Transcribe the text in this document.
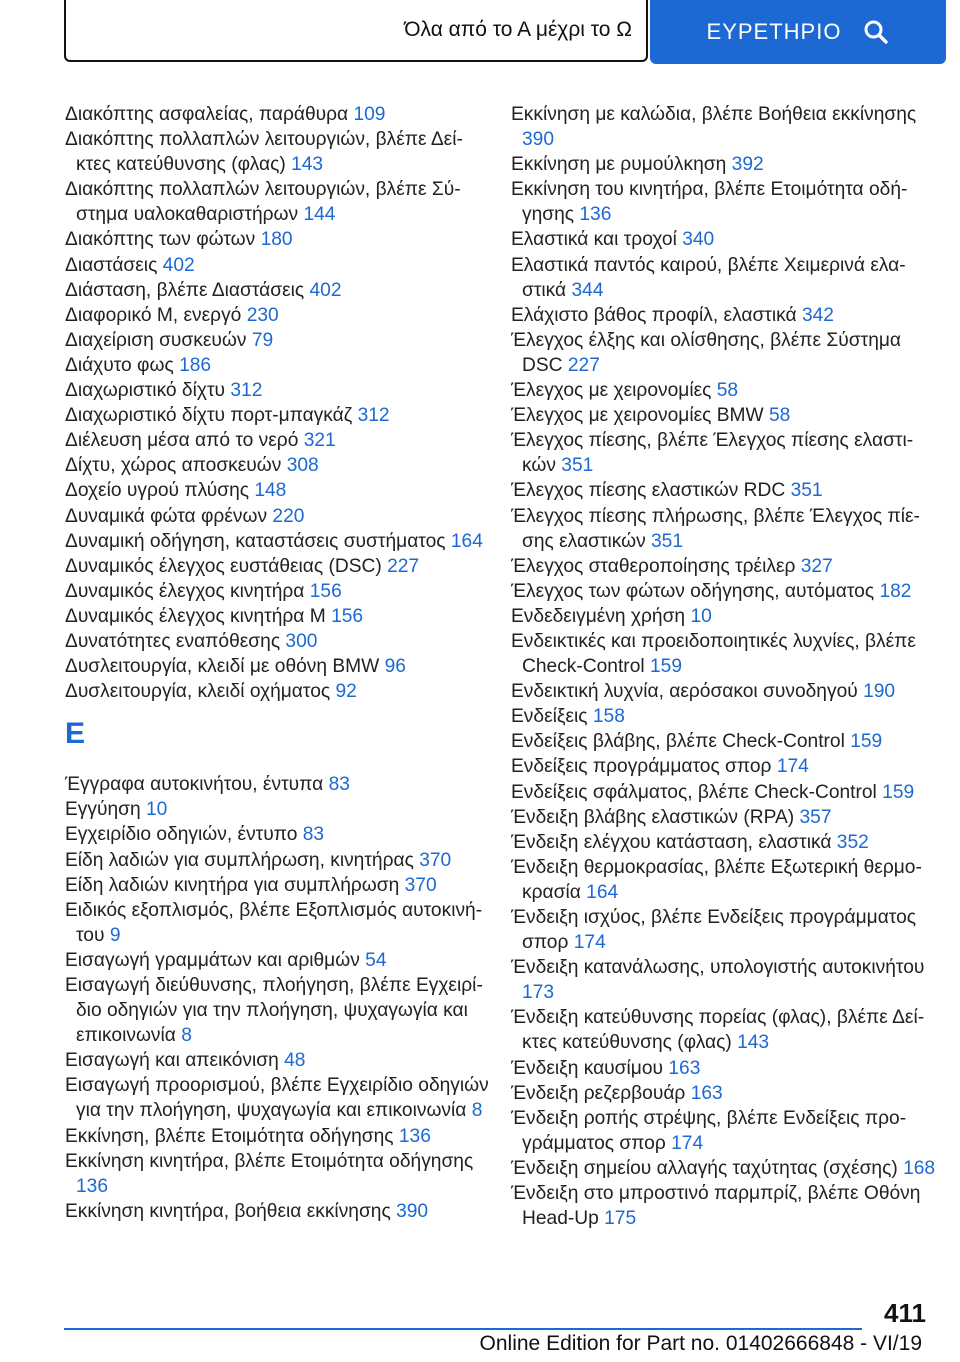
Όλα από το Α μέχρι το Ω	ΕΥΡΕΤΗΡΙΟ
Διακόπτης ασφαλείας, παράθυρα 109
Διακόπτης πολλαπλών λειτουργιών, βλέπε Δείκτες κατεύθυνσης (φλας) 143
Διακόπτης πολλαπλών λειτουργιών, βλέπε Σύστημα υαλοκαθαριστήρων 144
Διακόπτης των φώτων 180
Διαστάσεις 402
Διάσταση, βλέπε Διαστάσεις 402
Διαφορικό M, ενεργό 230
Διαχείριση συσκευών 79
Διάχυτο φως 186
Διαχωριστικό δίχτυ 312
Διαχωριστικό δίχτυ πορτ-μπαγκάζ 312
Διέλευση μέσα από το νερό 321
Δίχτυ, χώρος αποσκευών 308
Δοχείο υγρού πλύσης 148
Δυναμικά φώτα φρένων 220
Δυναμική οδήγηση, καταστάσεις συστήματος 164
Δυναμικός έλεγχος ευστάθειας (DSC) 227
Δυναμικός έλεγχος κινητήρα 156
Δυναμικός έλεγχος κινητήρα M 156
Δυνατότητες εναπόθεσης 300
Δυσλειτουργία, κλειδί με οθόνη BMW 96
Δυσλειτουργία, κλειδί οχήματος 92
Ε
Έγγραφα αυτοκινήτου, έντυπα 83
Εγγύηση 10
Εγχειρίδιο οδηγιών, έντυπο 83
Είδη λαδιών για συμπλήρωση, κινητήρας 370
Είδη λαδιών κινητήρα για συμπλήρωση 370
Ειδικός εξοπλισμός, βλέπε Εξοπλισμός αυτοκινήτου 9
Εισαγωγή γραμμάτων και αριθμών 54
Εισαγωγή διεύθυνσης, πλοήγηση, βλέπε Εγχειρίδιο οδηγιών για την πλοήγηση, ψυχαγωγία και επικοινωνία 8
Εισαγωγή και απεικόνιση 48
Εισαγωγή προορισμού, βλέπε Εγχειρίδιο οδηγιών για την πλοήγηση, ψυχαγωγία και επικοινωνία 8
Εκκίνηση, βλέπε Ετοιμότητα οδήγησης 136
Εκκίνηση κινητήρα, βλέπε Ετοιμότητα οδήγησης 136
Εκκίνηση κινητήρα, βοήθεια εκκίνησης 390
Εκκίνηση με καλώδια, βλέπε Βοήθεια εκκίνησης 390
Εκκίνηση με ρυμούλκηση 392
Εκκίνηση του κινητήρα, βλέπε Ετοιμότητα οδήγησης 136
Ελαστικά και τροχοί 340
Ελαστικά παντός καιρού, βλέπε Χειμερινά ελαστικά 344
Ελάχιστο βάθος προφίλ, ελαστικά 342
Έλεγχος έλξης και ολίσθησης, βλέπε Σύστημα DSC 227
Έλεγχος με χειρονομίες 58
Έλεγχος με χειρονομίες BMW 58
Έλεγχος πίεσης, βλέπε Έλεγχος πίεσης ελαστικών 351
Έλεγχος πίεσης ελαστικών RDC 351
Έλεγχος πίεσης πλήρωσης, βλέπε Έλεγχος πίεσης ελαστικών 351
Έλεγχος σταθεροποίησης τρέιλερ 327
Έλεγχος των φώτων οδήγησης, αυτόματος 182
Ενδεδειγμένη χρήση 10
Ενδεικτικές και προειδοποιητικές λυχνίες, βλέπε Check-Control 159
Ενδεικτική λυχνία, αερόσακοι συνοδηγού 190
Ενδείξεις 158
Ενδείξεις βλάβης, βλέπε Check-Control 159
Ενδείξεις προγράμματος σπορ 174
Ενδείξεις σφάλματος, βλέπε Check-Control 159
Ένδειξη βλάβης ελαστικών (RPA) 357
Ένδειξη ελέγχου κατάσταση, ελαστικά 352
Ένδειξη θερμοκρασίας, βλέπε Εξωτερική θερμοκρασία 164
Ένδειξη ισχύος, βλέπε Ενδείξεις προγράμματος σπορ 174
Ένδειξη κατανάλωσης, υπολογιστής αυτοκινήτου 173
Ένδειξη κατεύθυνσης πορείας (φλας), βλέπε Δείκτες κατεύθυνσης (φλας) 143
Ένδειξη καυσίμου 163
Ένδειξη ρεζερβουάρ 163
Ένδειξη ροπής στρέψης, βλέπε Ενδείξεις προγράμματος σπορ 174
Ένδειξη σημείου αλλαγής ταχύτητας (σχέσης) 168
Ένδειξη στο μπροστινό παρμπρίζ, βλέπε Οθόνη Head-Up 175
411
Online Edition for Part no. 01402666848 - VI/19
